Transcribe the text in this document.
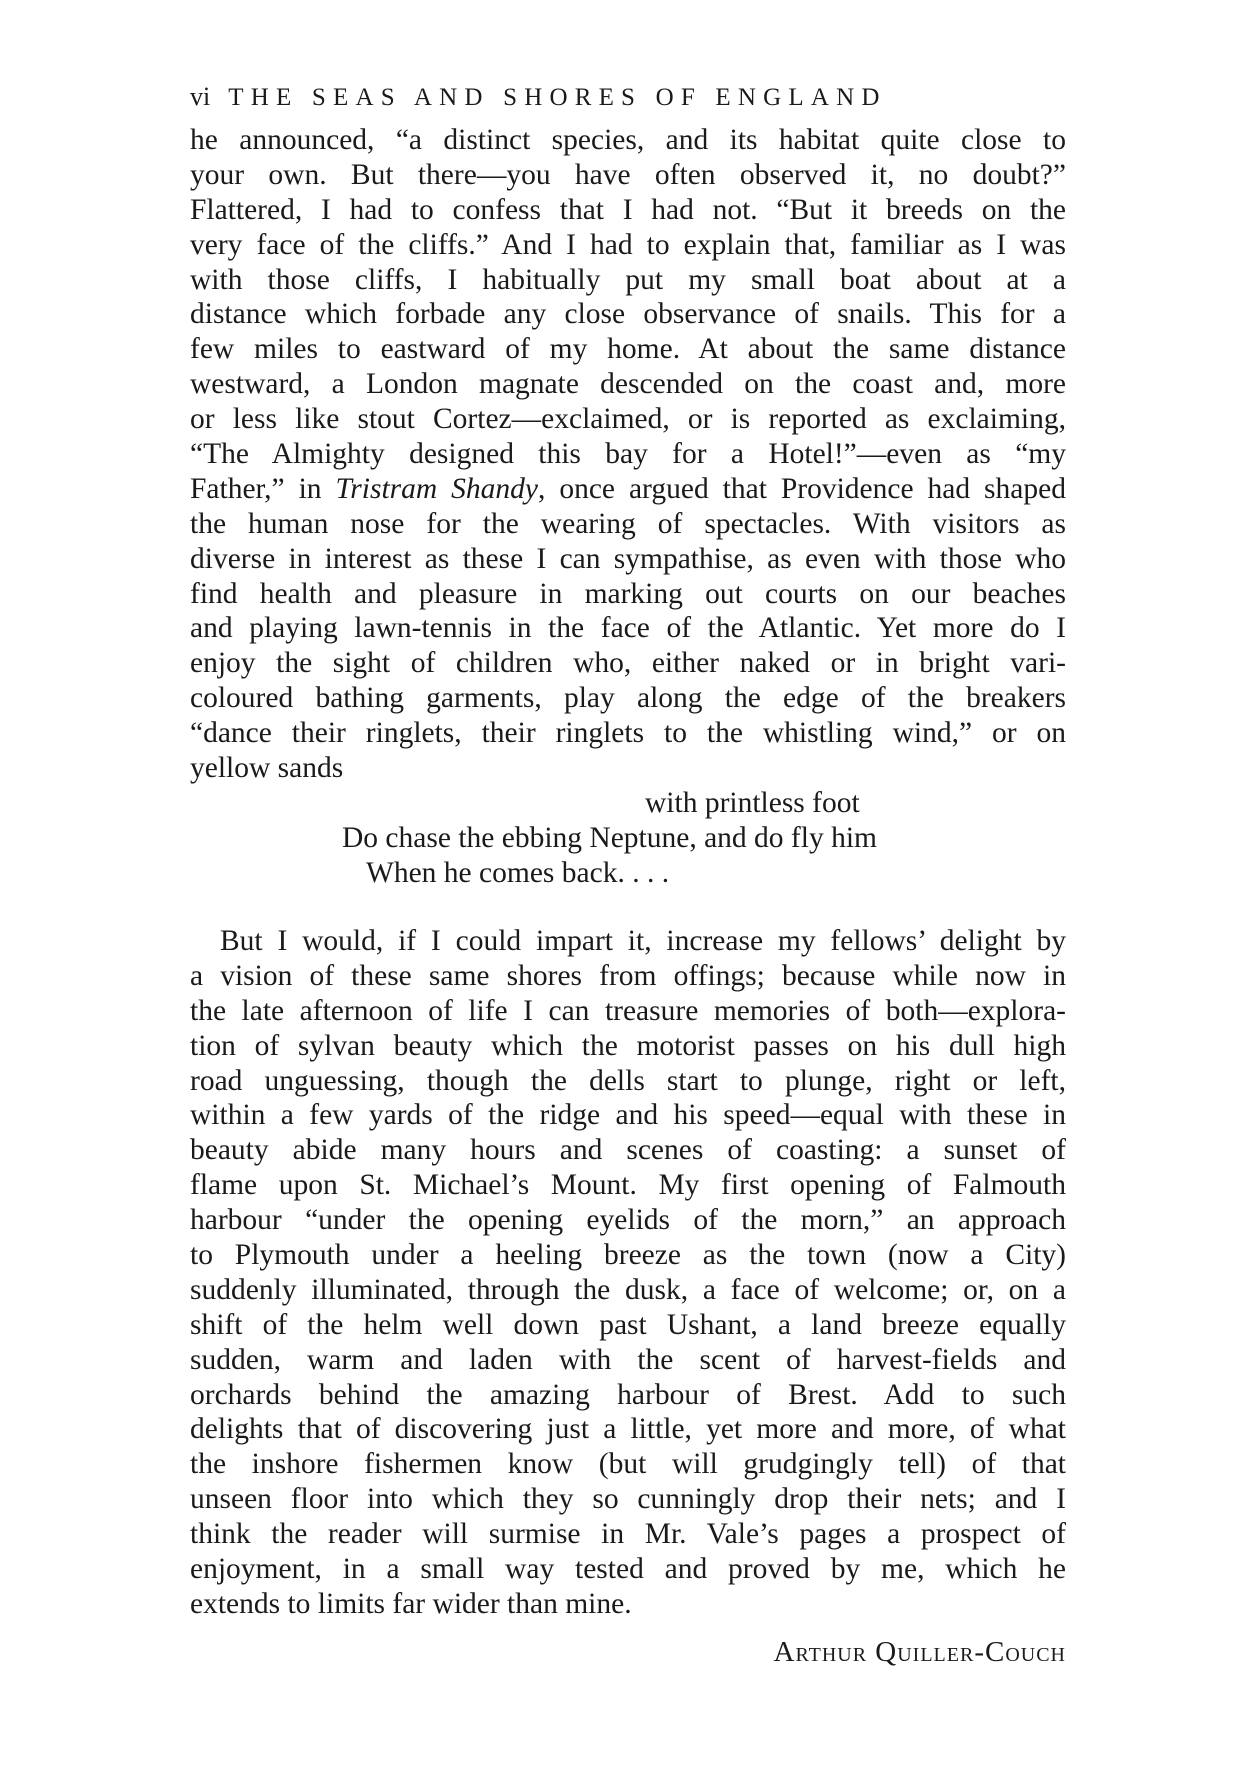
vi THE SEAS AND SHORES OF ENGLAND
he announced, “a distinct species, and its habitat quite close to
your own. But there—you have often observed it, no doubt?”
Flattered, I had to confess that I had not. “But it breeds on the
very face of the cliffs.” And I had to explain that, familiar as I was
with those cliffs, I habitually put my small boat about at a
distance which forbade any close observance of snails. This for a
few miles to eastward of my home. At about the same distance
westward, a London magnate descended on the coast and, more
or less like stout Cortez—exclaimed, or is reported as exclaiming,
“The Almighty designed this bay for a Hotel!”—even as “my
Father,” in Tristram Shandy, once argued that Providence had shaped
the human nose for the wearing of spectacles. With visitors as
diverse in interest as these I can sympathise, as even with those who
find health and pleasure in marking out courts on our beaches
and playing lawn-tennis in the face of the Atlantic. Yet more do I
enjoy the sight of children who, either naked or in bright vari-
coloured bathing garments, play along the edge of the breakers
“dance their ringlets, their ringlets to the whistling wind,” or on
yellow sands
with printless foot
Do chase the ebbing Neptune, and do fly him
When he comes back. . . .
But I would, if I could impart it, increase my fellows’ delight by
a vision of these same shores from offings; because while now in
the late afternoon of life I can treasure memories of both—explora-
tion of sylvan beauty which the motorist passes on his dull high
road unguessing, though the dells start to plunge, right or left,
within a few yards of the ridge and his speed—equal with these in
beauty abide many hours and scenes of coasting: a sunset of
flame upon St. Michael’s Mount. My first opening of Falmouth
harbour “under the opening eyelids of the morn,” an approach
to Plymouth under a heeling breeze as the town (now a City)
suddenly illuminated, through the dusk, a face of welcome; or, on a
shift of the helm well down past Ushant, a land breeze equally
sudden, warm and laden with the scent of harvest-fields and
orchards behind the amazing harbour of Brest. Add to such
delights that of discovering just a little, yet more and more, of what
the inshore fishermen know (but will grudgingly tell) of that
unseen floor into which they so cunningly drop their nets; and I
think the reader will surmise in Mr. Vale’s pages a prospect of
enjoyment, in a small way tested and proved by me, which he
extends to limits far wider than mine.
Arthur Quiller-Couch
